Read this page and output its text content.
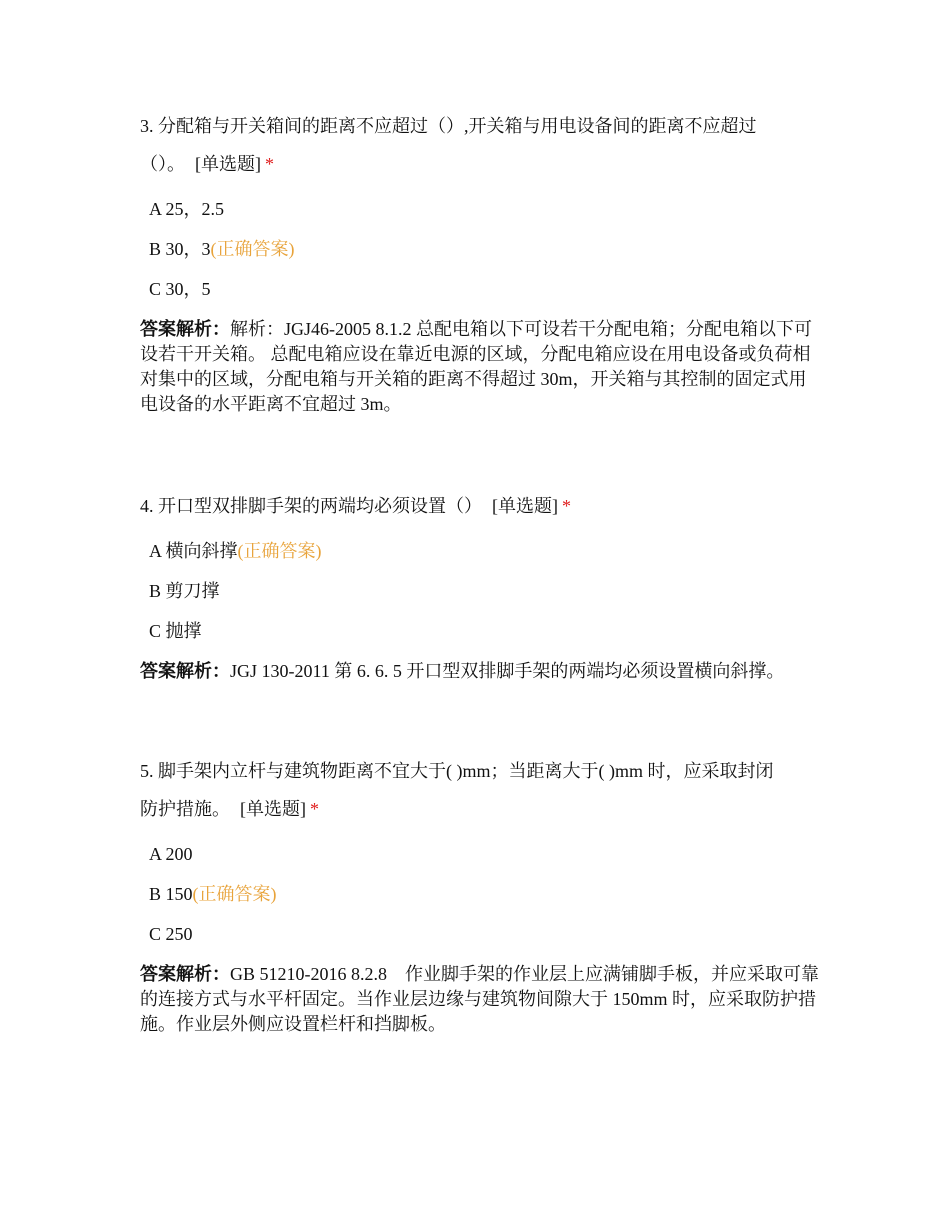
3. 分配箱与开关箱间的距离不应超过（）,开关箱与用电设备间的距离不应超过
（）。 [单选题] *

A 25，2.5
B 30，3(正确答案)
C 30，5
答案解析：解析：JGJ46-2005 8.1.2 总配电箱以下可设若干分配电箱；分配电箱以下可设若干开关箱。 总配电箱应设在靠近电源的区域，分配电箱应设在用电设备或负荷相对集中的区域，分配电箱与开关箱的距离不得超过 30m，开关箱与其控制的固定式用电设备的水平距离不宜超过 3m。

4. 开口型双排脚手架的两端均必须设置（） [单选题] *

A 横向斜撑(正确答案)
B 剪刀撑
C 抛撑
答案解析：JGJ 130-2011 第 6. 6. 5 开口型双排脚手架的两端均必须设置横向斜撑。

5. 脚手架内立杆与建筑物距离不宜大于( )mm；当距离大于( )mm 时，应采取封闭
防护措施。 [单选题] *

A 200
B 150(正确答案)
C 250
答案解析：GB 51210-2016 8.2.8　作业脚手架的作业层上应满铺脚手板，并应采取可靠的连接方式与水平杆固定。当作业层边缘与建筑物间隙大于 150mm 时，应采取防护措施。作业层外侧应设置栏杆和挡脚板。
